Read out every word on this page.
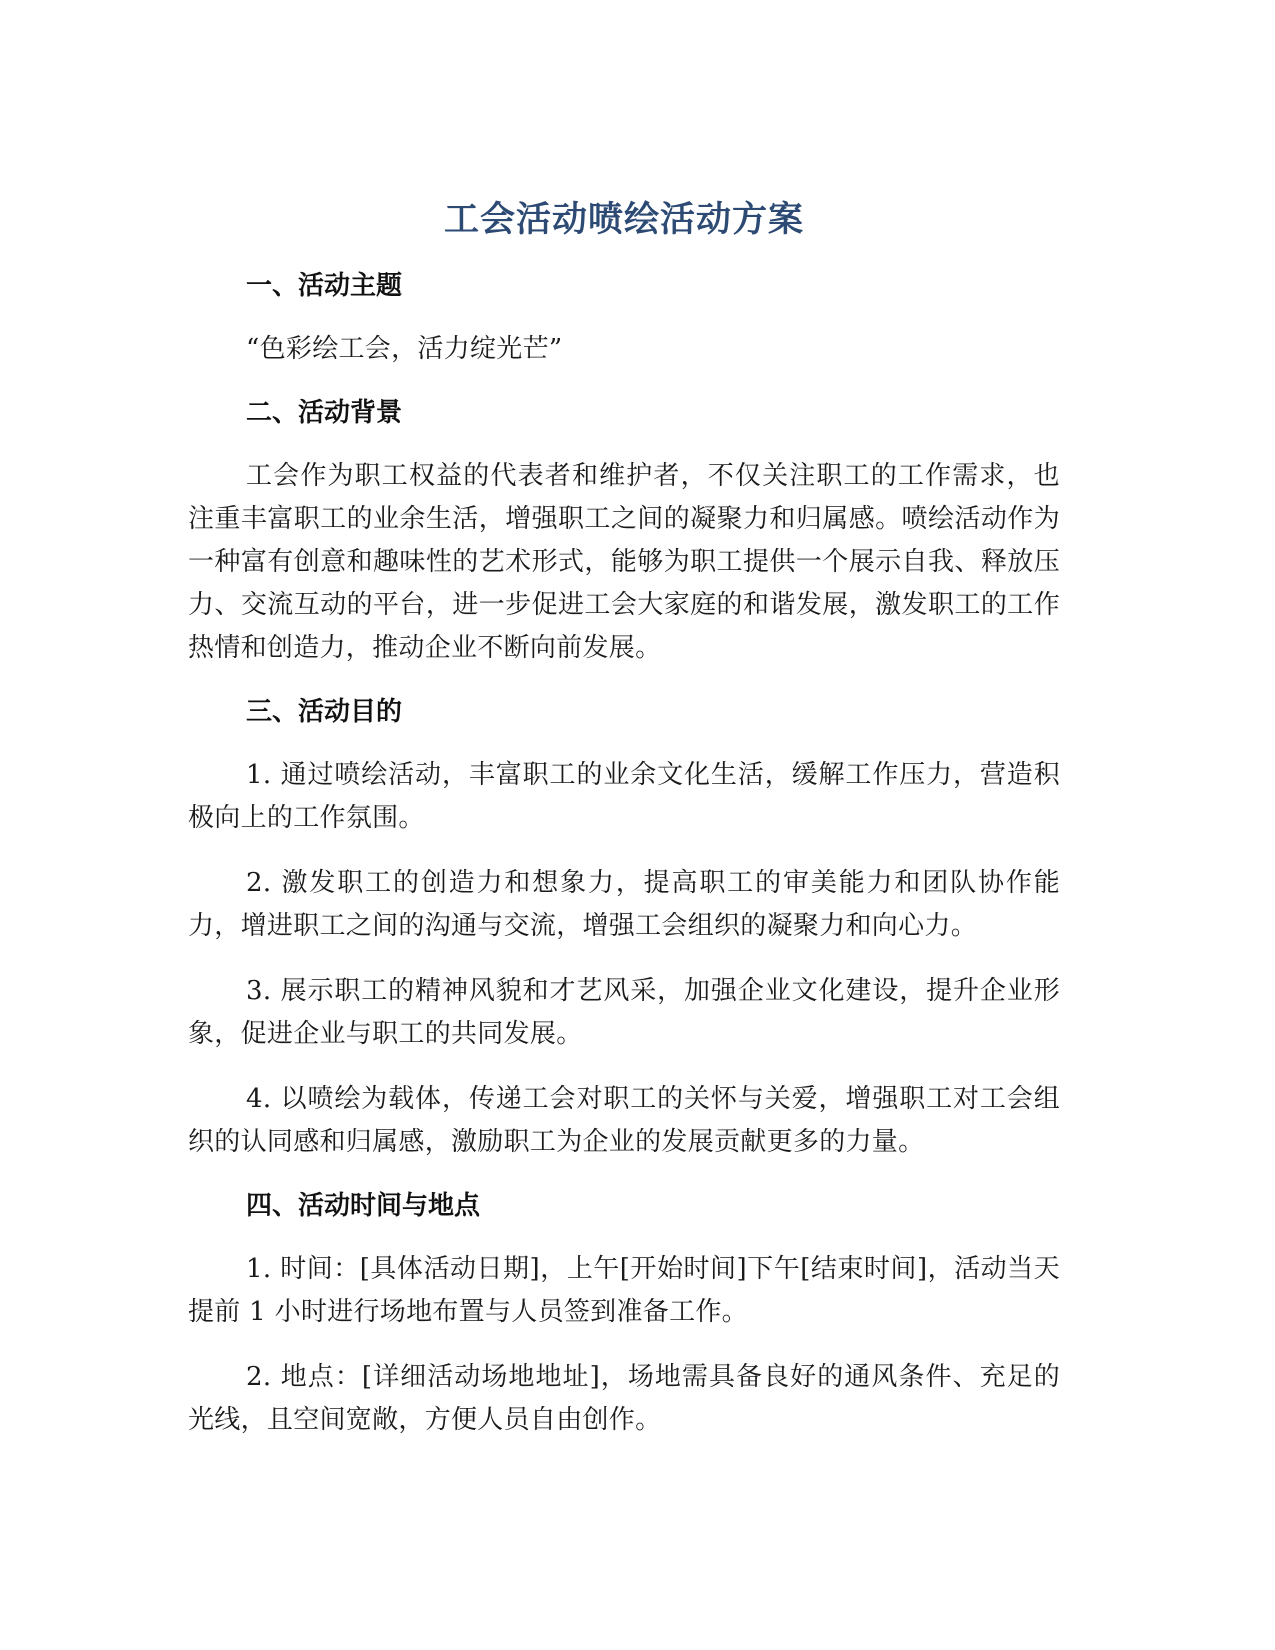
工会活动喷绘活动方案
一、活动主题
“色彩绘工会，活力绽光芒”
二、活动背景
工会作为职工权益的代表者和维护者，不仅关注职工的工作需求，也注重丰富职工的业余生活，增强职工之间的凝聚力和归属感。喷绘活动作为一种富有创意和趣味性的艺术形式，能够为职工提供一个展示自我、释放压力、交流互动的平台，进一步促进工会大家庭的和谐发展，激发职工的工作热情和创造力，推动企业不断向前发展。
三、活动目的
1. 通过喷绘活动，丰富职工的业余文化生活，缓解工作压力，营造积极向上的工作氛围。
2. 激发职工的创造力和想象力，提高职工的审美能力和团队协作能力，增进职工之间的沟通与交流，增强工会组织的凝聚力和向心力。
3. 展示职工的精神风貌和才艺风采，加强企业文化建设，提升企业形象，促进企业与职工的共同发展。
4. 以喷绘为载体，传递工会对职工的关怀与关爱，增强职工对工会组织的认同感和归属感，激励职工为企业的发展贡献更多的力量。
四、活动时间与地点
1. 时间：[具体活动日期]，上午[开始时间]下午[结束时间]，活动当天提前 1 小时进行场地布置与人员签到准备工作。
2. 地点：[详细活动场地地址]，场地需具备良好的通风条件、充足的光线，且空间宽敞，方便人员自由创作。
